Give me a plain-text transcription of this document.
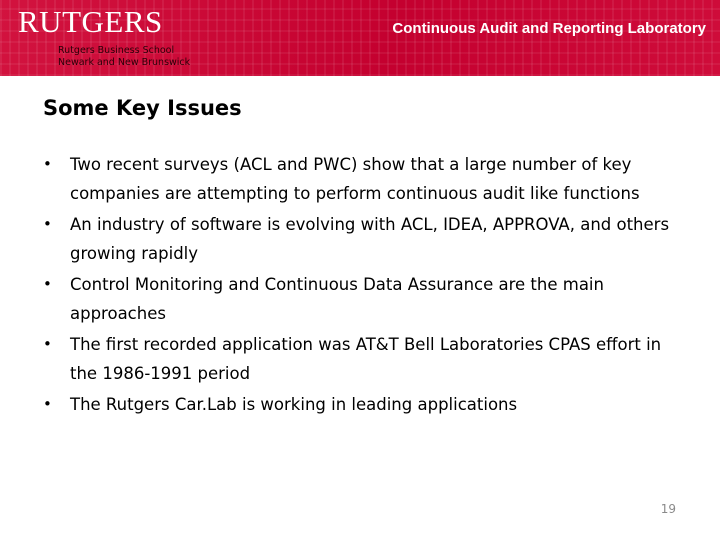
RUTGERS
Rutgers Business School
Newark and New Brunswick
Continuous Audit and Reporting Laboratory
Some Key Issues
• Two recent surveys (ACL and PWC) show that a large number of key companies are attempting to perform continuous audit like functions
• An industry of software is evolving with ACL, IDEA, APPROVA, and others growing rapidly
• Control Monitoring and Continuous Data Assurance are the main approaches
• The first recorded application was AT&T Bell Laboratories CPAS effort in the 1986-1991 period
• The Rutgers Car.Lab is working in leading applications
19
